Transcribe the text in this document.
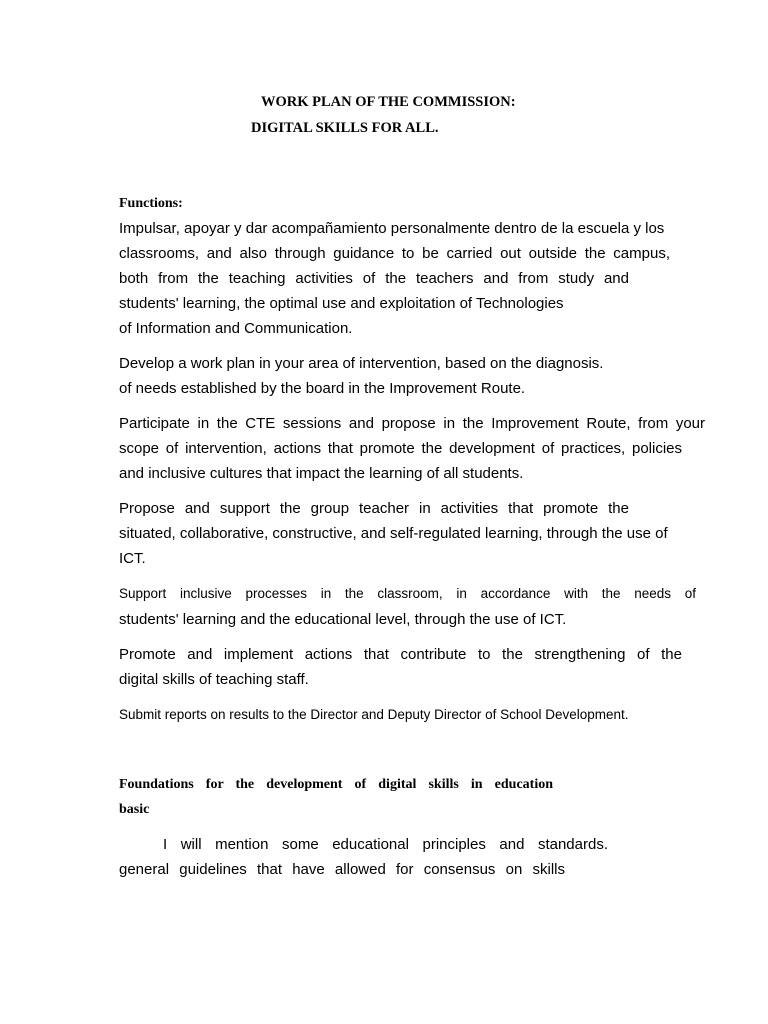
WORK PLAN OF THE COMMISSION:
DIGITAL SKILLS FOR ALL.
Functions:
Impulsar, apoyar y dar acompañamiento personalmente dentro de la escuela y los
classrooms, and also through guidance to be carried out outside the campus,
both from the teaching activities of the teachers and from study and
students' learning, the optimal use and exploitation of Technologies
of Information and Communication.
Develop a work plan in your area of intervention, based on the diagnosis.
of needs established by the board in the Improvement Route.
Participate in the CTE sessions and propose in the Improvement Route, from your
scope of intervention, actions that promote the development of practices, policies
and inclusive cultures that impact the learning of all students.
Propose and support the group teacher in activities that promote the
situated, collaborative, constructive, and self-regulated learning, through the use of
ICT.
Support inclusive processes in the classroom, in accordance with the needs of
students' learning and the educational level, through the use of ICT.
Promote and implement actions that contribute to the strengthening of the
digital skills of teaching staff.
Submit reports on results to the Director and Deputy Director of School Development.
Foundations for the development of digital skills in education
basic
I will mention some educational principles and standards.
general guidelines that have allowed for consensus on skills
